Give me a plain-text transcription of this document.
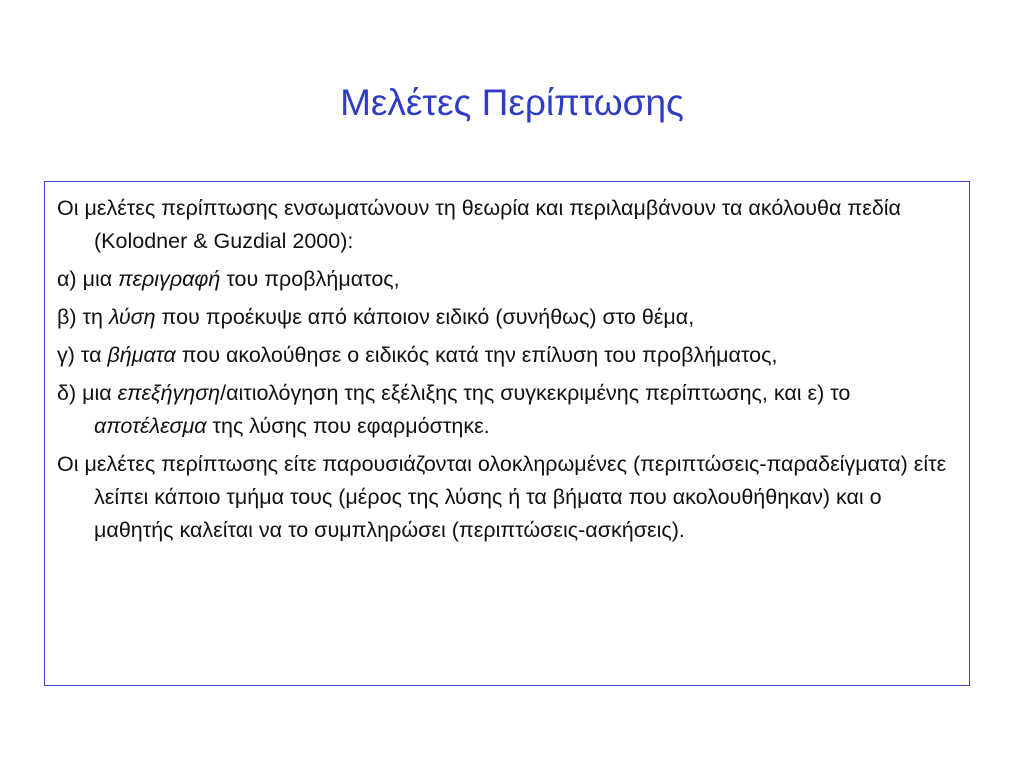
Μελέτες Περίπτωσης

Οι μελέτες περίπτωσης ενσωματώνουν τη θεωρία και περιλαμβάνουν τα ακόλουθα πεδία (Kolodner & Guzdial 2000):

α) μια περιγραφή του προβλήματος,

β) τη λύση που προέκυψε από κάποιον ειδικό (συνήθως) στο θέμα,

γ) τα βήματα που ακολούθησε ο ειδικός κατά την επίλυση του προβλήματος,

δ) μια επεξήγηση/αιτιολόγηση της εξέλιξης της συγκεκριμένης περίπτωσης, και ε) το αποτέλεσμα της λύσης που εφαρμόστηκε.

Οι μελέτες περίπτωσης είτε παρουσιάζονται ολοκληρωμένες (περιπτώσεις-παραδείγματα) είτε λείπει κάποιο τμήμα τους (μέρος της λύσης ή τα βήματα που ακολουθήθηκαν) και ο μαθητής καλείται να το συμπληρώσει (περιπτώσεις-ασκήσεις).
